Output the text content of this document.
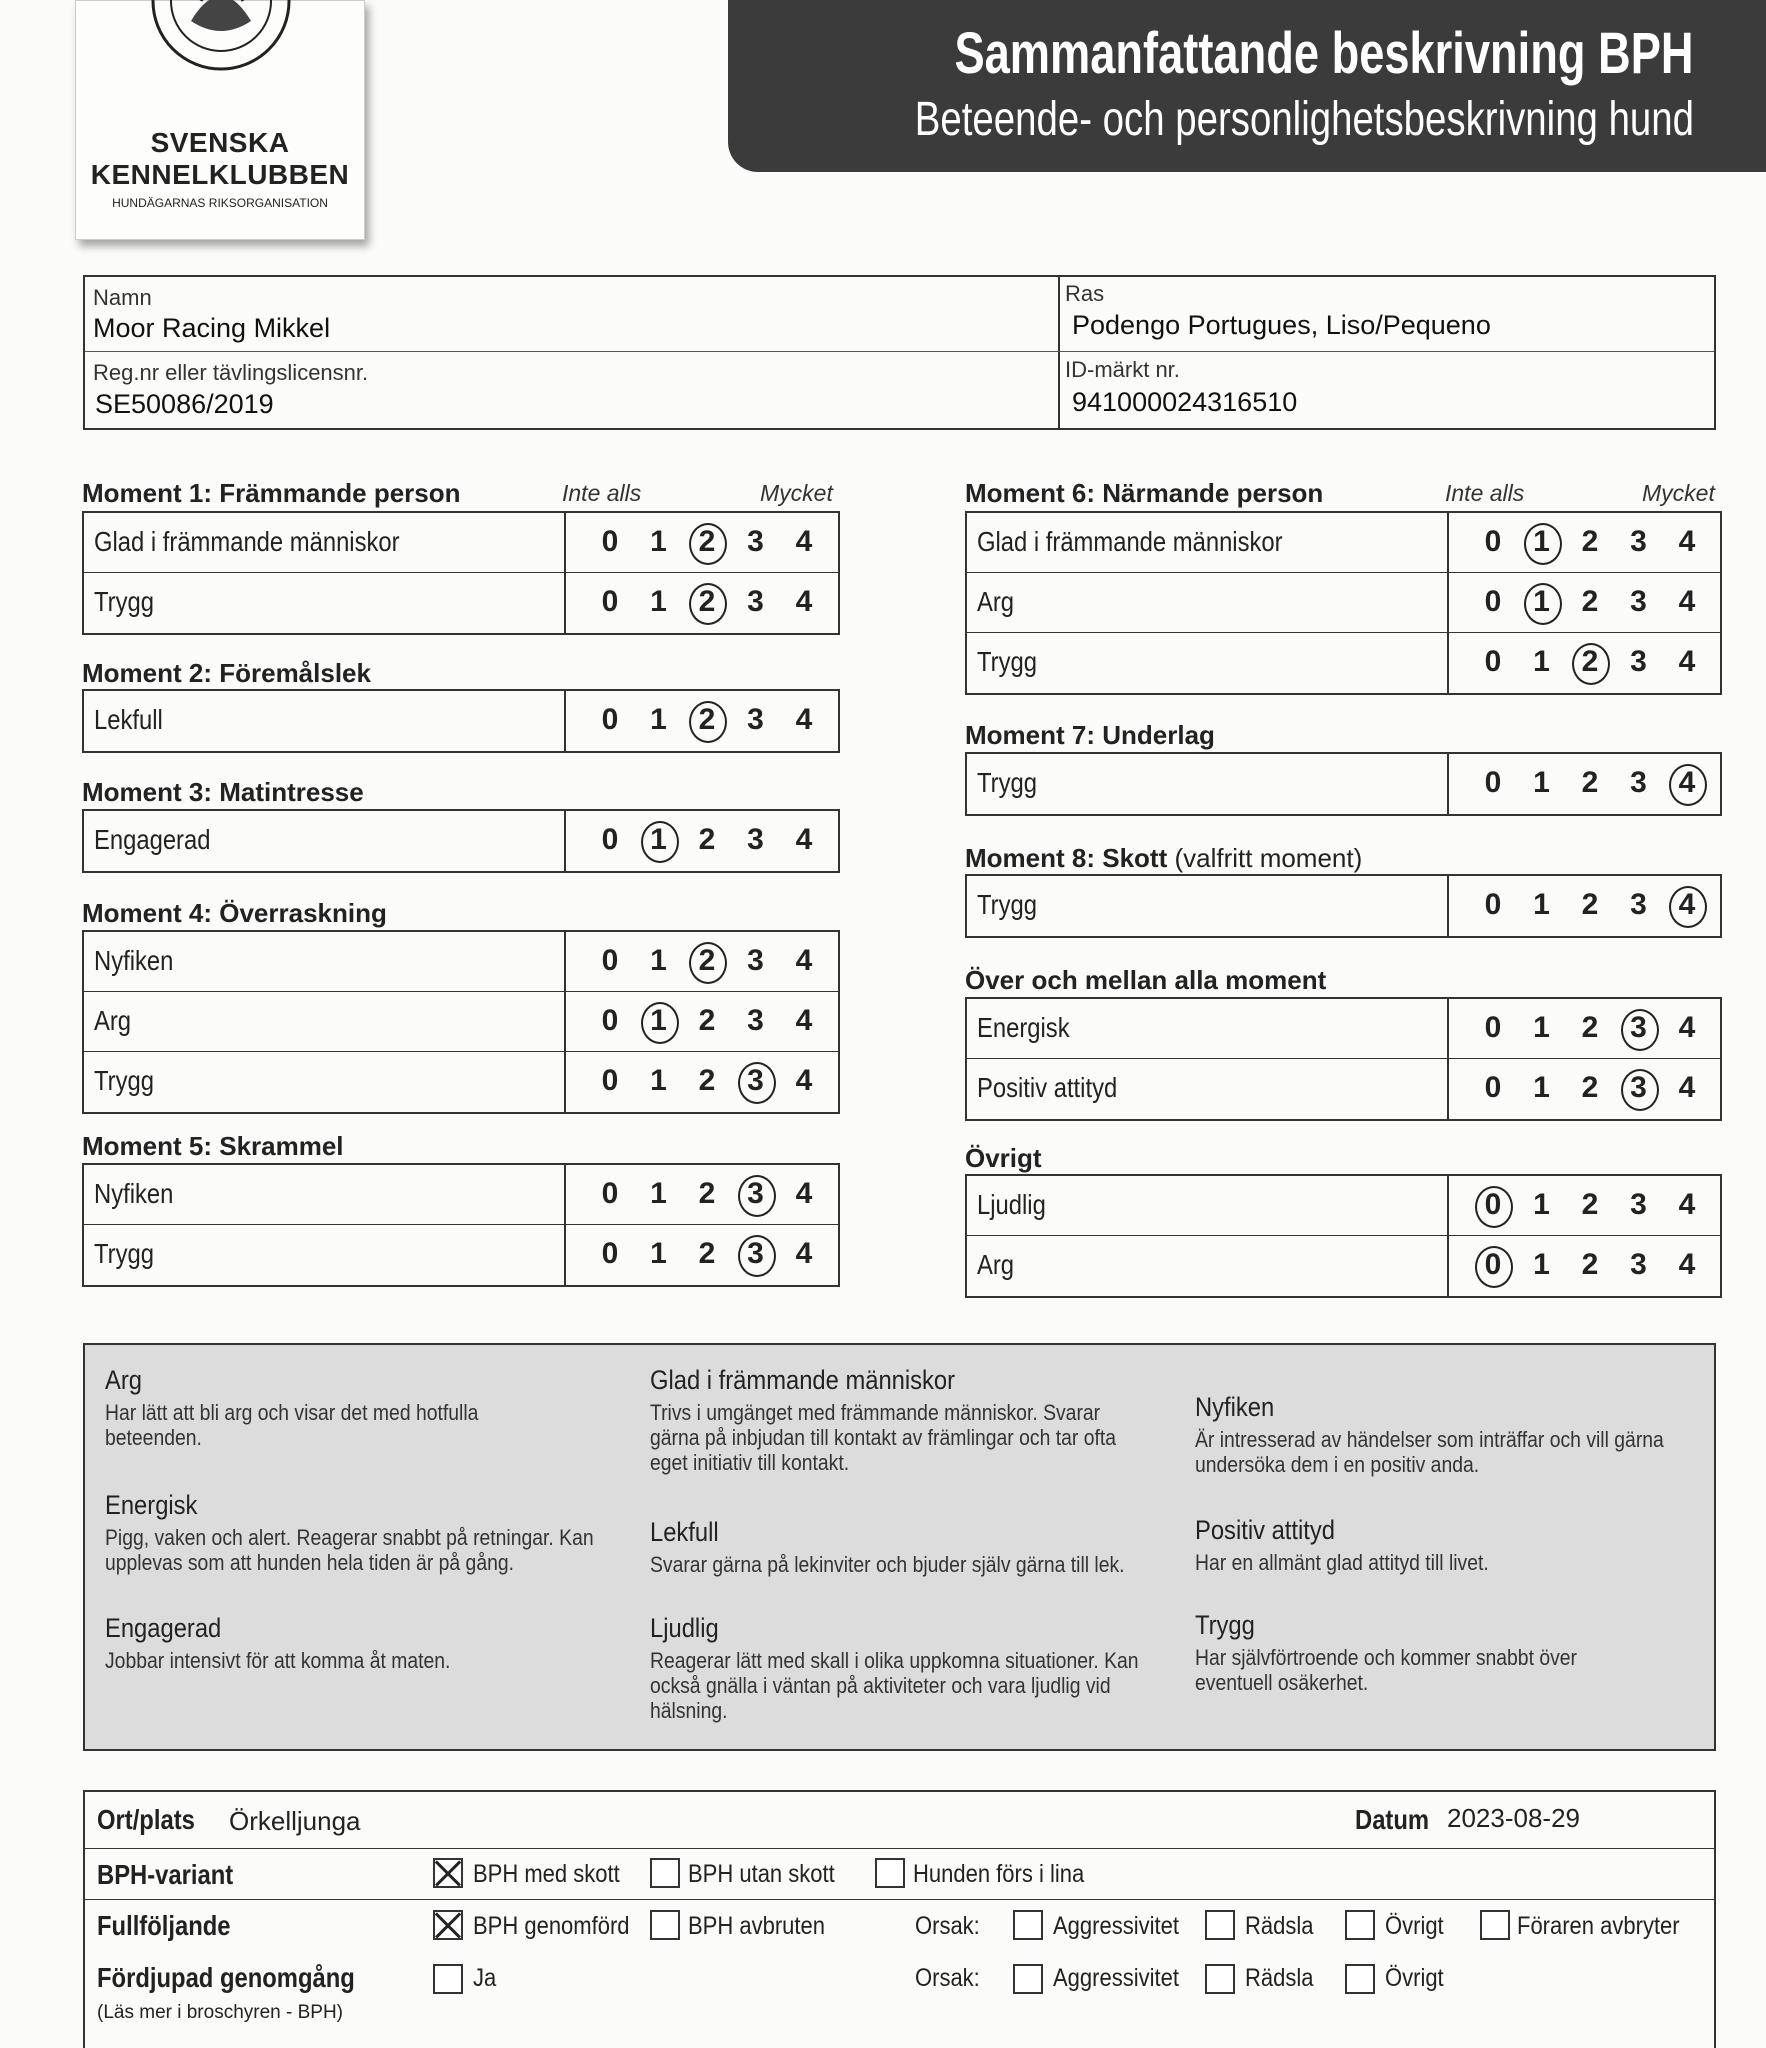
SVENSKA
KENNELKLUBBEN
HUNDÄGARNAS RIKSORGANISATION
Sammanfattande beskrivning BPH
Beteende- och personlighetsbeskrivning hund
Namn
Moor Racing Mikkel
Ras
Podengo Portugues, Liso/Pequeno
Reg.nr eller tävlingslicensnr.
SE50086/2019
ID-märkt nr.
941000024316510
Moment 1: Främmande person	Inte alls	Mycket
Glad i främmande människor	0	1	2	3	4
Trygg	0	1	2	3	4
Moment 2: Föremålslek
Lekfull	0	1	2	3	4
Moment 3: Matintresse
Engagerad	0	1	2	3	4
Moment 4: Överraskning
Nyfiken	0	1	2	3	4
Arg	0	1	2	3	4
Trygg	0	1	2	3	4
Moment 5: Skrammel
Nyfiken	0	1	2	3	4
Trygg	0	1	2	3	4
Moment 6: Närmande person	Inte alls	Mycket
Glad i främmande människor	0	1	2	3	4
Arg	0	1	2	3	4
Trygg	0	1	2	3	4
Moment 7: Underlag
Trygg	0	1	2	3	4
Moment 8: Skott (valfritt moment)
Trygg	0	1	2	3	4
Över och mellan alla moment
Energisk	0	1	2	3	4
Positiv attityd	0	1	2	3	4
Övrigt
Ljudlig	0	1	2	3	4
Arg	0	1	2	3	4
Arg
Har lätt att bli arg och visar det med hotfulla beteenden.
Energisk
Pigg, vaken och alert. Reagerar snabbt på retningar. Kan upplevas som att hunden hela tiden är på gång.
Engagerad
Jobbar intensivt för att komma åt maten.
Glad i främmande människor
Trivs i umgänget med främmande människor. Svarar gärna på inbjudan till kontakt av främlingar och tar ofta eget initiativ till kontakt.
Lekfull
Svarar gärna på lekinviter och bjuder själv gärna till lek.
Ljudlig
Reagerar lätt med skall i olika uppkomna situationer. Kan också gnälla i väntan på aktiviteter och vara ljudlig vid hälsning.
Nyfiken
Är intresserad av händelser som inträffar och vill gärna undersöka dem i en positiv anda.
Positiv attityd
Har en allmänt glad attityd till livet.
Trygg
Har självförtroende och kommer snabbt över eventuell osäkerhet.
Ort/plats Örkelljunga	Datum 2023-08-29
BPH-variant	BPH med skott	BPH utan skott	Hunden förs i lina
Fullföljande	BPH genomförd BPH avbruten	Orsak:	Aggressivitet	Rädsla	Övrigt	Föraren avbryter
Fördjupad genomgång
(Läs mer i broschyren - BPH)
Ja	Orsak:	Aggressivitet	Rädsla	Övrigt
